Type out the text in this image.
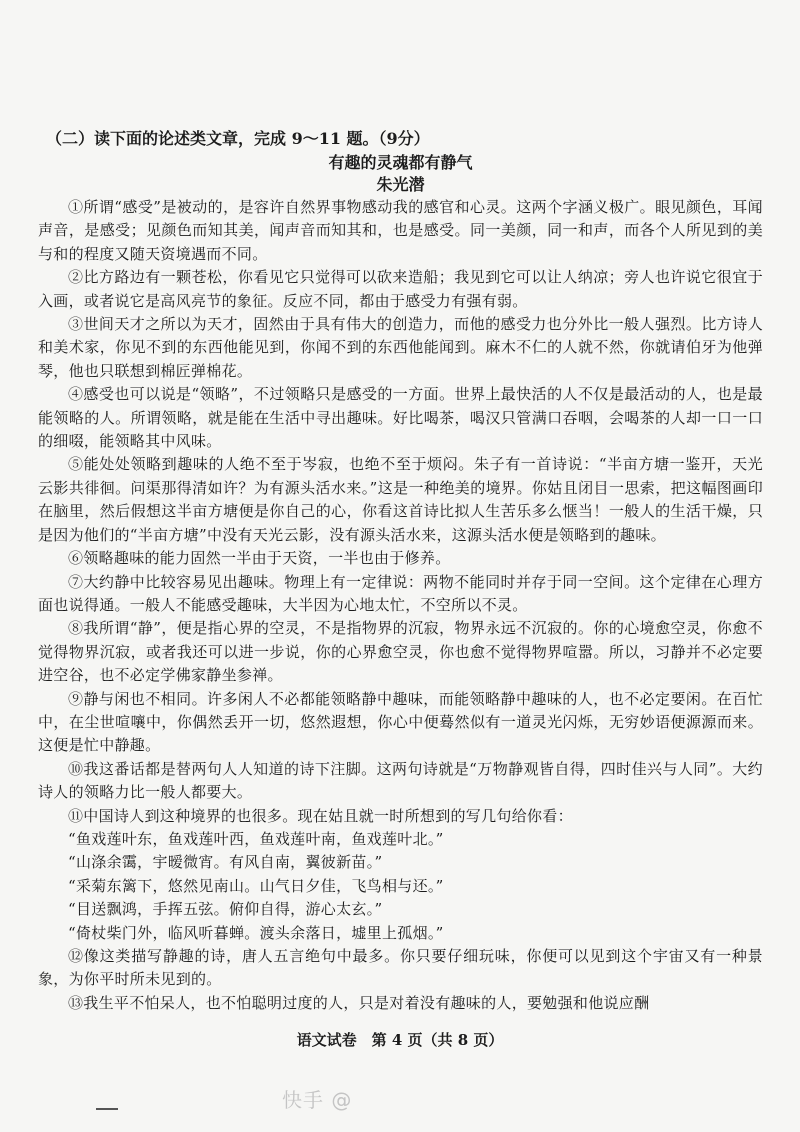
（二）读下面的论述类文章，完成 9～11 题。（9分）

有趣的灵魂都有静气

朱光潜

①所谓“感受”是被动的，是容许自然界事物感动我的感官和心灵。这两个字涵义极广。眼见颜色，耳闻声音，是感受；见颜色而知其美，闻声音而知其和，也是感受。同一美颜，同一和声，而各个人所见到的美与和的程度又随天资境遇而不同。

②比方路边有一颗苍松，你看见它只觉得可以砍来造船；我见到它可以让人纳凉；旁人也许说它很宜于入画，或者说它是高风亮节的象征。反应不同，都由于感受力有强有弱。

③世间天才之所以为天才，固然由于具有伟大的创造力，而他的感受力也分外比一般人强烈。比方诗人和美术家，你见不到的东西他能见到，你闻不到的东西他能闻到。麻木不仁的人就不然，你就请伯牙为他弹琴，他也只联想到棉匠弹棉花。

④感受也可以说是“领略”，不过领略只是感受的一方面。世界上最快活的人不仅是最活动的人，也是最能领略的人。所谓领略，就是能在生活中寻出趣味。好比喝茶，喝汉只管满口吞咽，会喝茶的人却一口一口的细啜，能领略其中风味。

⑤能处处领略到趣味的人绝不至于岑寂，也绝不至于烦闷。朱子有一首诗说：“半亩方塘一鉴开，天光云影共徘徊。问渠那得清如许？为有源头活水来。”这是一种绝美的境界。你姑且闭目一思索，把这幅图画印在脑里，然后假想这半亩方塘便是你自己的心，你看这首诗比拟人生苦乐多么惬当！一般人的生活干燥，只是因为他们的“半亩方塘”中没有天光云影，没有源头活水来，这源头活水便是领略到的趣味。

⑥领略趣味的能力固然一半由于天资，一半也由于修养。

⑦大约静中比较容易见出趣味。物理上有一定律说：两物不能同时并存于同一空间。这个定律在心理方面也说得通。一般人不能感受趣味，大半因为心地太忙，不空所以不灵。

⑧我所谓“静”，便是指心界的空灵，不是指物界的沉寂，物界永远不沉寂的。你的心境愈空灵，你愈不觉得物界沉寂，或者我还可以进一步说，你的心界愈空灵，你也愈不觉得物界喧嚣。所以，习静并不必定要进空谷，也不必定学佛家静坐参禅。

⑨静与闲也不相同。许多闲人不必都能领略静中趣味，而能领略静中趣味的人，也不必定要闲。在百忙中，在尘世喧嚷中，你偶然丢开一切，悠然遐想，你心中便蓦然似有一道灵光闪烁，无穷妙语便源源而来。这便是忙中静趣。

⑩我这番话都是替两句人人知道的诗下注脚。这两句诗就是“万物静观皆自得，四时佳兴与人同”。大约诗人的领略力比一般人都要大。

⑪中国诗人到这种境界的也很多。现在姑且就一时所想到的写几句给你看：

“鱼戏莲叶东，鱼戏莲叶西，鱼戏莲叶南，鱼戏莲叶北。”

“山涤余霭，宇暧微宵。有风自南，翼彼新苗。”

“采菊东篱下，悠然见南山。山气日夕佳，飞鸟相与还。”

“目送飘鸿，手挥五弦。俯仰自得，游心太玄。”

“倚杖柴门外，临风听暮蝉。渡头余落日，墟里上孤烟。”

⑫像这类描写静趣的诗，唐人五言绝句中最多。你只要仔细玩味，你便可以见到这个宇宙又有一种景象，为你平时所未见到的。

⑬我生平不怕呆人，也不怕聪明过度的人，只是对着没有趣味的人，要勉强和他说应酬

语文试卷　第 4 页（共 8 页）
快手 @
